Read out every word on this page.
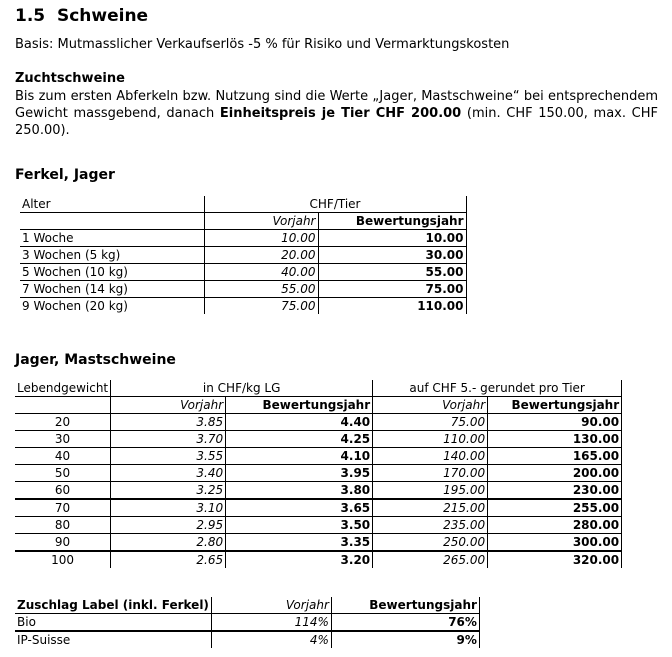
1.5 Schweine
Basis: Mutmasslicher Verkaufserlös -5 % für Risiko und Vermarktungskosten
Zuchtschweine
Bis zum ersten Abferkeln bzw. Nutzung sind die Werte „Jager, Mastschweine“ bei entsprechendem Gewicht massgebend, danach Einheitspreis je Tier CHF 200.00 (min. CHF 150.00, max. CHF 250.00).
Ferkel, Jager
Alter	CHF/Tier	
	Vorjahr	Bewertungsjahr
1 Woche	10.00	10.00
3 Wochen (5 kg)	20.00	30.00
5 Wochen (10 kg)	40.00	55.00
7 Wochen (14 kg)	55.00	75.00
9 Wochen (20 kg)	75.00	110.00
Jager, Mastschweine
Lebendgewicht	in CHF/kg LG		auf CHF 5.- gerundet pro Tier	
	Vorjahr	Bewertungsjahr	Vorjahr	Bewertungsjahr
20	3.85	4.40	75.00	90.00
30	3.70	4.25	110.00	130.00
40	3.55	4.10	140.00	165.00
50	3.40	3.95	170.00	200.00
60	3.25	3.80	195.00	230.00
70	3.10	3.65	215.00	255.00
80	2.95	3.50	235.00	280.00
90	2.80	3.35	250.00	300.00
100	2.65	3.20	265.00	320.00
Zuschlag Label (inkl. Ferkel)	Vorjahr	Bewertungsjahr
Bio	114%	76%
IP-Suisse	4%	9%
